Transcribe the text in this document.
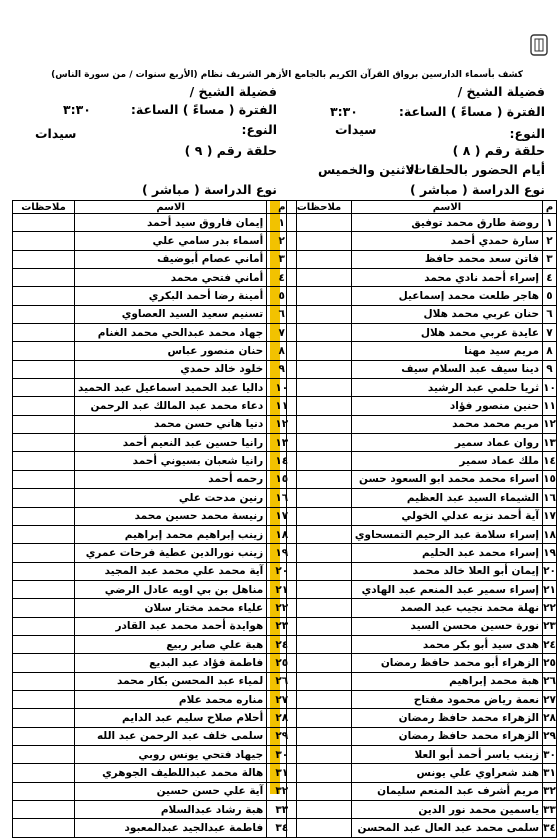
كشف بأسماء الدارسين برواق القرآن الكريم بالجامع الأزهر الشريف نظام (الأربع سنوات / من سورة الناس)
فضيلة الشيخ /
الفترة ( مساءً ) الساعة:
٣:٣٠
النوع:
سيدات
حلقة رقم ( ٨ )
أيام الحضور بالحلقات:
الاثنين والخميس
نوع الدراسة ( مباشر )
فضيلة الشيخ /
الفترة ( مساءً ) الساعة:
٣:٣٠
النوع:
سيدات
حلقة رقم ( ٩ )
نوع الدراسة ( مباشر )
م	الاسم	ملاحظات
١	روضة طارق محمد توفيق	
٢	سارة حمدي أحمد	
٣	فاتن سعد محمد حافظ	
٤	إسراء أحمد نادي محمد	
٥	هاجر طلعت محمد إسماعيل	
٦	حنان عربي محمد هلال	
٧	عايدة عربي محمد هلال	
٨	مريم سيد مهنا	
٩	دينا سيف عبد السلام سيف	
١٠	ثريا حلمي عبد الرشيد	
١١	حنين منصور فؤاد	
١٢	مريم محمد محمد	
١٣	روان عماد سمير	
١٤	ملك عماد سمير	
١٥	اسراء محمد محمد ابو السعود حسن	
١٦	الشيماء السيد عبد العظيم	
١٧	آية أحمد نزيه عدلي الخولي	
١٨	إسراء سلامة عبد الرحيم التمسحاوي	
١٩	إسراء محمد عبد الحليم	
٢٠	إيمان أبو العلا خالد محمد	
٢١	إسراء سمير عبد المنعم عبد الهادي	
٢٢	نهلة محمد نجيب عبد الصمد	
٢٣	نورة حسين محسن السيد	
٢٤	هدى سيد أبو بكر محمد	
٢٥	الزهراء أبو محمد حافظ رمضان	
٢٦	هبة محمد إبراهيم	
٢٧	نعمة رياض محمود مفتاح	
٢٨	الزهراء محمد حافظ رمضان	
٢٩	الزهراء محمد حافظ رمضان	
٣٠	زينب ياسر أحمد أبو العلا	
٣١	هند شعراوي علي يونس	
٣٢	مريم أشرف عبد المنعم سليمان	
٣٣	ياسمين محمد نور الدين	
٣٤	سلمى محمد عبد العال عبد المحسن	
م	الاسم	ملاحظات
١	إيمان فاروق سيد أحمد	
٢	أسماء بدر سامي علي	
٣	أماني عصام أبوضيف	
٤	أماني فتحي محمد	
٥	أمينة رضا أحمد البكري	
٦	تسنيم سعيد السيد العصاوي	
٧	جهاد محمد عبدالحي محمد الغنام	
٨	حنان منصور عباس	
٩	خلود خالد حمدي	
١٠	داليا عبد الحميد اسماعيل عبد الحميد	
١١	دعاء محمد عبد المالك عبد الرحمن	
١٢	دنيا هاني حسن محمد	
١٣	رانيا حسين عبد النعيم أحمد	
١٤	رانيا شعبان بسيوني أحمد	
١٥	رحمه أحمد	
١٦	رنين مدحت علي	
١٧	رنيسة محمد حسين محمد	
١٨	زينب إبراهيم محمد إبراهيم	
١٩	زينب نورالدين عطية فرحات عمري	
٢٠	آية محمد علي محمد عبد المجيد	
٢١	مناهل بن بي اويه عادل الرضي	
٢٢	علياء محمد مختار سلان	
٢٣	هوايدة أحمد محمد عبد القادر	
٢٤	هبة علي صابر ربيع	
٢٥	فاطمة فؤاد عبد البديع	
٢٦	لمياء عبد المحسن بكار محمد	
٢٧	مناره محمد علام	
٢٨	أحلام صلاح سليم عبد الدايم	
٢٩	سلمى خلف عبد الرحمن عبد الله	
٣٠	جيهاد فتحي يونس روبي	
٣١	هالة محمد عبداللطيف الجوهري	
٣٢	آية علي حسن حسين	
٣٣	هبة رشاد عبدالسلام	
٣٤	فاطمة عبدالجيد عبدالمعبود	
